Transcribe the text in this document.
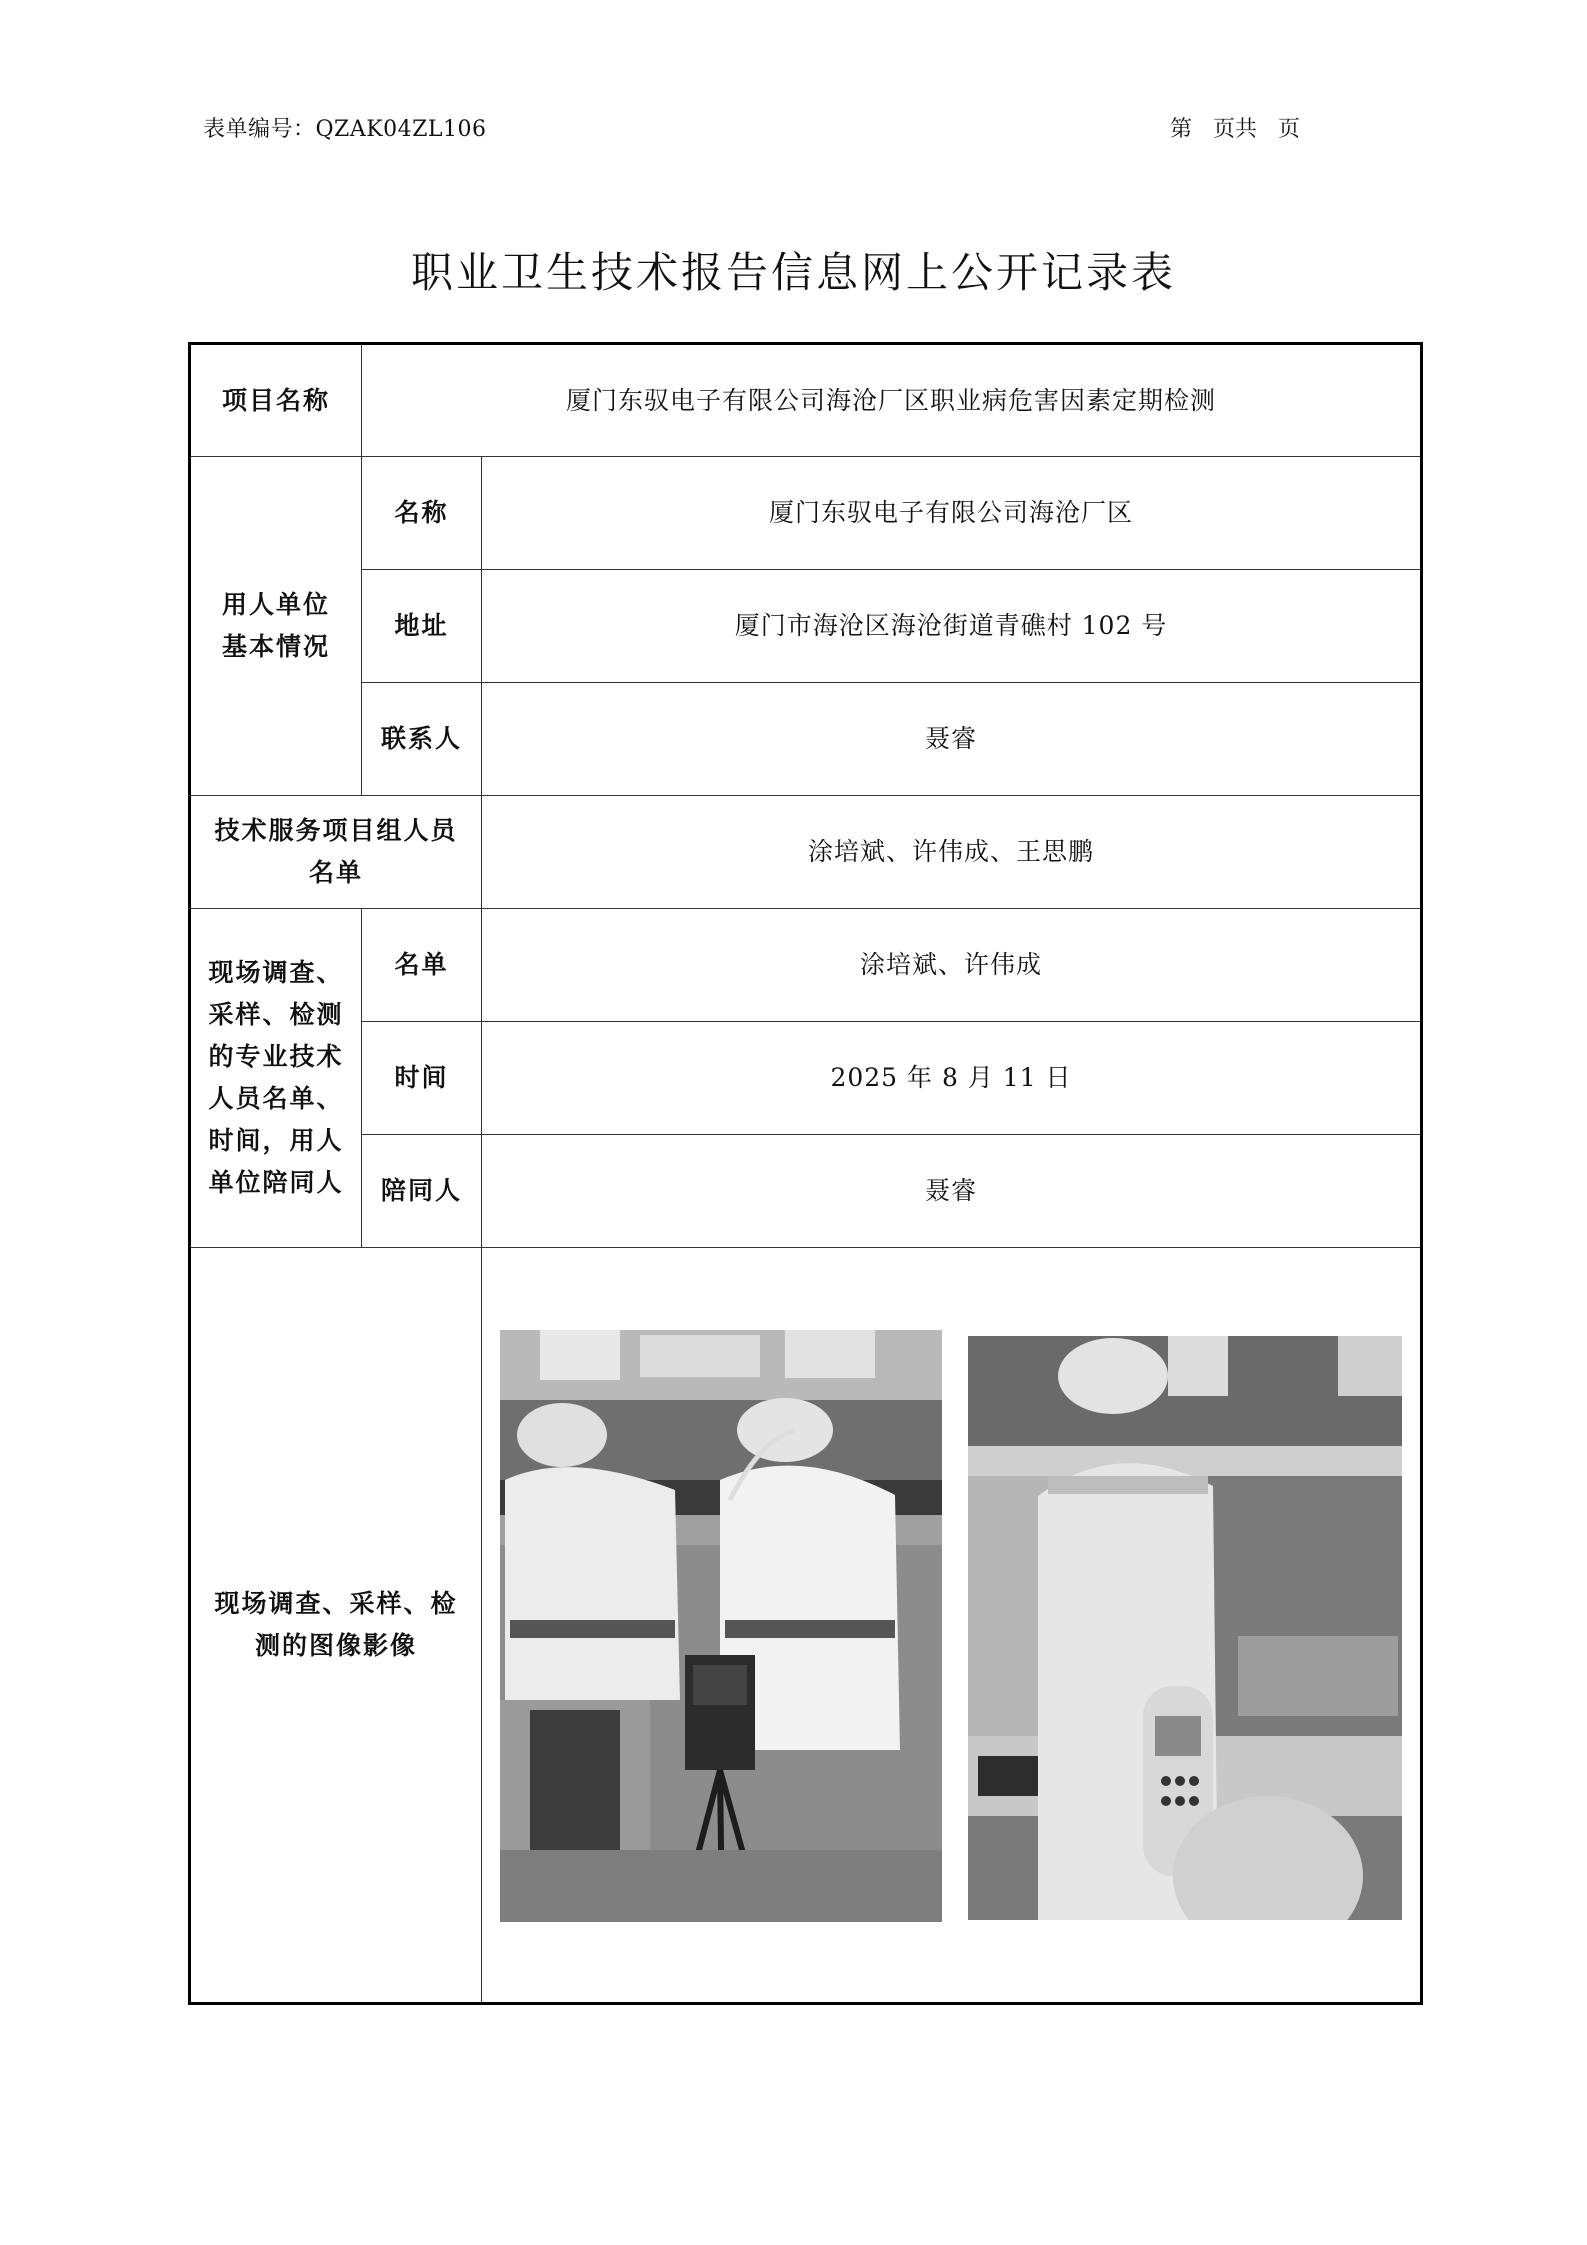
表单编号：QZAK04ZL106	第 页共 页
职业卫生技术报告信息网上公开记录表
项目名称	厦门东驭电子有限公司海沧厂区职业病危害因素定期检测	
用人单位基本情况	名称	厦门东驭电子有限公司海沧厂区
	地址	厦门市海沧区海沧街道青礁村 102 号
	联系人	聂睿
技术服务项目组人员名单		涂培斌、许伟成、王思鹏
现场调查、采样、检测的专业技术人员名单、时间，用人单位陪同人	名单	涂培斌、许伟成
	时间	2025 年 8 月 11 日
	陪同人	聂睿
现场调查、采样、检测的图像影像	
